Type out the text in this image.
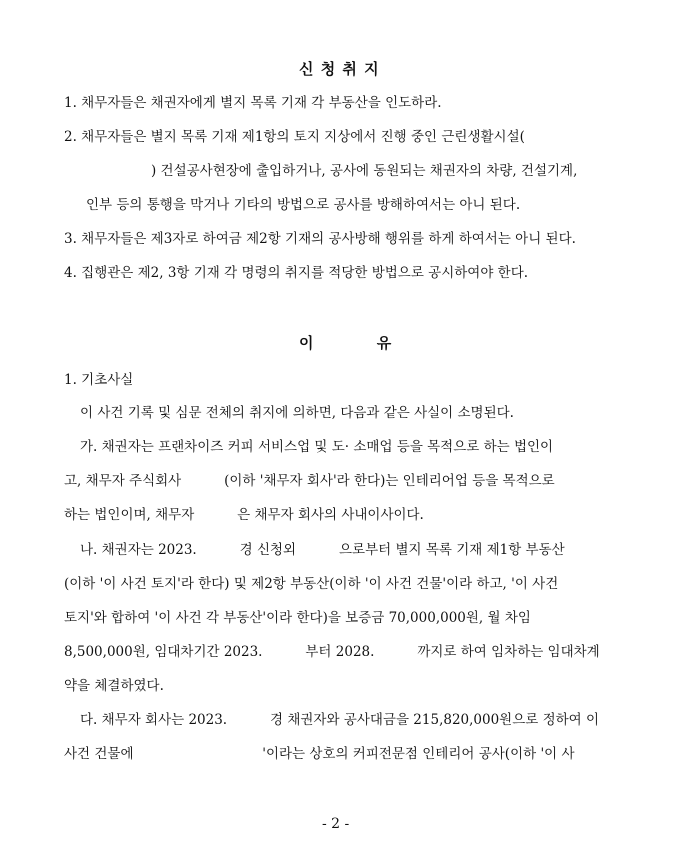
신 청 취 지
1. 채무자들은 채권자에게 별지 목록 기재 각 부동산을 인도하라.
2. 채무자들은 별지 목록 기재 제1항의 토지 지상에서 진행 중인 근린생활시설(
) 건설공사현장에 출입하거나, 공사에 동원되는 채권자의 차량, 건설기계,
인부 등의 통행을 막거나 기타의 방법으로 공사를 방해하여서는 아니 된다.
3. 채무자들은 제3자로 하여금 제2항 기재의 공사방해 행위를 하게 하여서는 아니 된다.
4. 집행관은 제2, 3항 기재 각 명령의 취지를 적당한 방법으로 공시하여야 한다.
이          유
1. 기초사실
이 사건 기록 및 심문 전체의 취지에 의하면, 다음과 같은 사실이 소명된다.
가. 채권자는 프랜차이즈 커피 서비스업 및 도· 소매업 등을 목적으로 하는 법인이
고, 채무자 주식회사          (이하 '채무자 회사'라 한다)는 인테리어업 등을 목적으로
하는 법인이며, 채무자          은 채무자 회사의 사내이사이다.
나. 채권자는 2023.          경 신청외          으로부터 별지 목록 기재 제1항 부동산
(이하 '이 사건 토지'라 한다) 및 제2항 부동산(이하 '이 사건 건물'이라 하고, '이 사건
토지'와 합하여 '이 사건 각 부동산'이라 한다)을 보증금 70,000,000원, 월 차임
8,500,000원, 임대차기간 2023.          부터 2028.          까지로 하여 임차하는 임대차계
약을 체결하였다.
다. 채무자 회사는 2023.          경 채권자와 공사대금을 215,820,000원으로 정하여 이
사건 건물에                              '이라는 상호의 커피전문점 인테리어 공사(이하 '이 사
- 2 -
